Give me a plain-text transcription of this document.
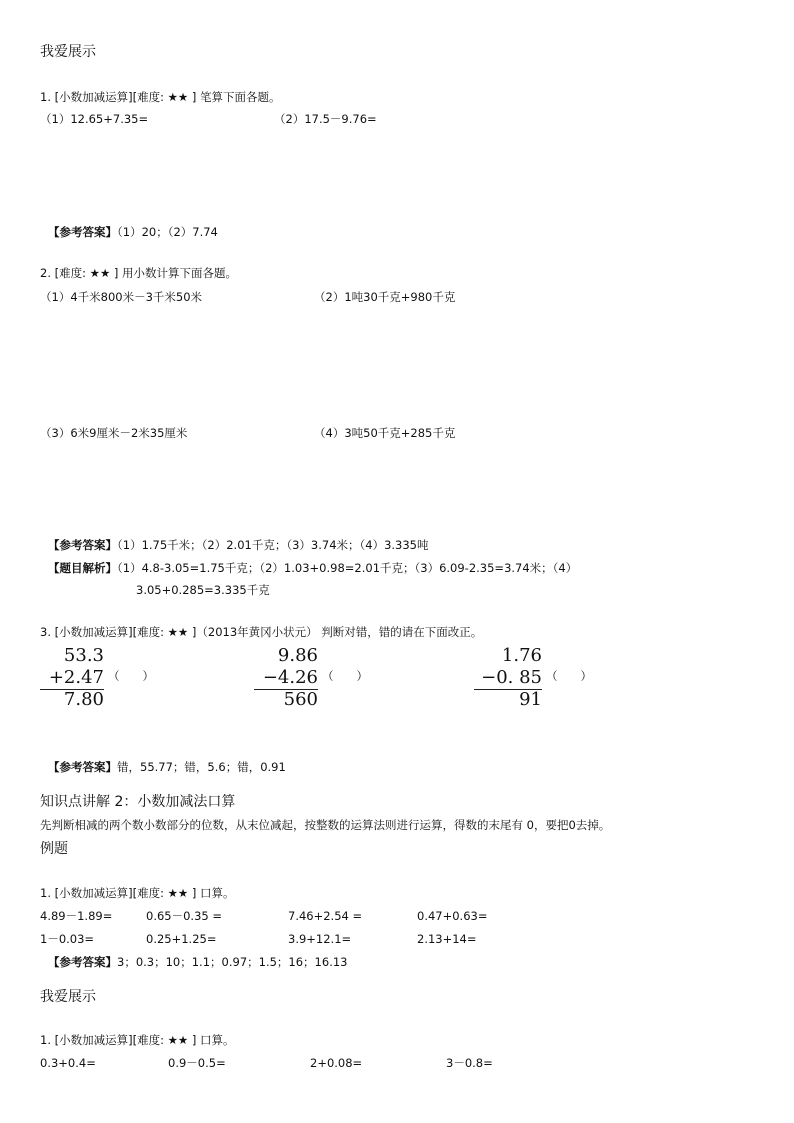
我爱展示
1. [小数加减运算][难度: ★★ ] 笔算下面各题。
（1）12.65+7.35=	（2）17.5－9.76=
【参考答案】（1）20；（2）7.74
2. [难度: ★★ ] 用小数计算下面各题。
（1）4千米800米－3千米50米	（2）1吨30千克+980千克
（3）6米9厘米－2米35厘米	（4）3吨50千克+285千克
【参考答案】（1）1.75千米；（2）2.01千克；（3）3.74米；（4）3.335吨
【题目解析】（1）4.8-3.05=1.75千克；（2）1.03+0.98=2.01千克；（3）6.09-2.35=3.74米；（4）
3.05+0.285=3.335千克
3. [小数加减运算][难度: ★★ ]（2013年黄冈小状元） 判断对错，错的请在下面改正。
53.3
+2.47
7.80
（　　）
9.86
−4.26
560
（　　）
1.76
−0. 85
91
（　　）
【参考答案】错，55.77；错，5.6；错，0.91
知识点讲解 2：小数加减法口算
先判断相减的两个数小数部分的位数，从末位减起，按整数的运算法则进行运算，得数的末尾有 0，要把0去掉。
例题
1. [小数加减运算][难度: ★★ ] 口算。
4.89－1.89=	0.65－0.35 =	7.46+2.54 =	0.47+0.63=
1－0.03=	0.25+1.25=	3.9+12.1=	2.13+14=
【参考答案】3；0.3；10；1.1；0.97；1.5；16；16.13
我爱展示
1. [小数加减运算][难度: ★★ ] 口算。
0.3+0.4=	0.9－0.5=	2+0.08=	3－0.8=
